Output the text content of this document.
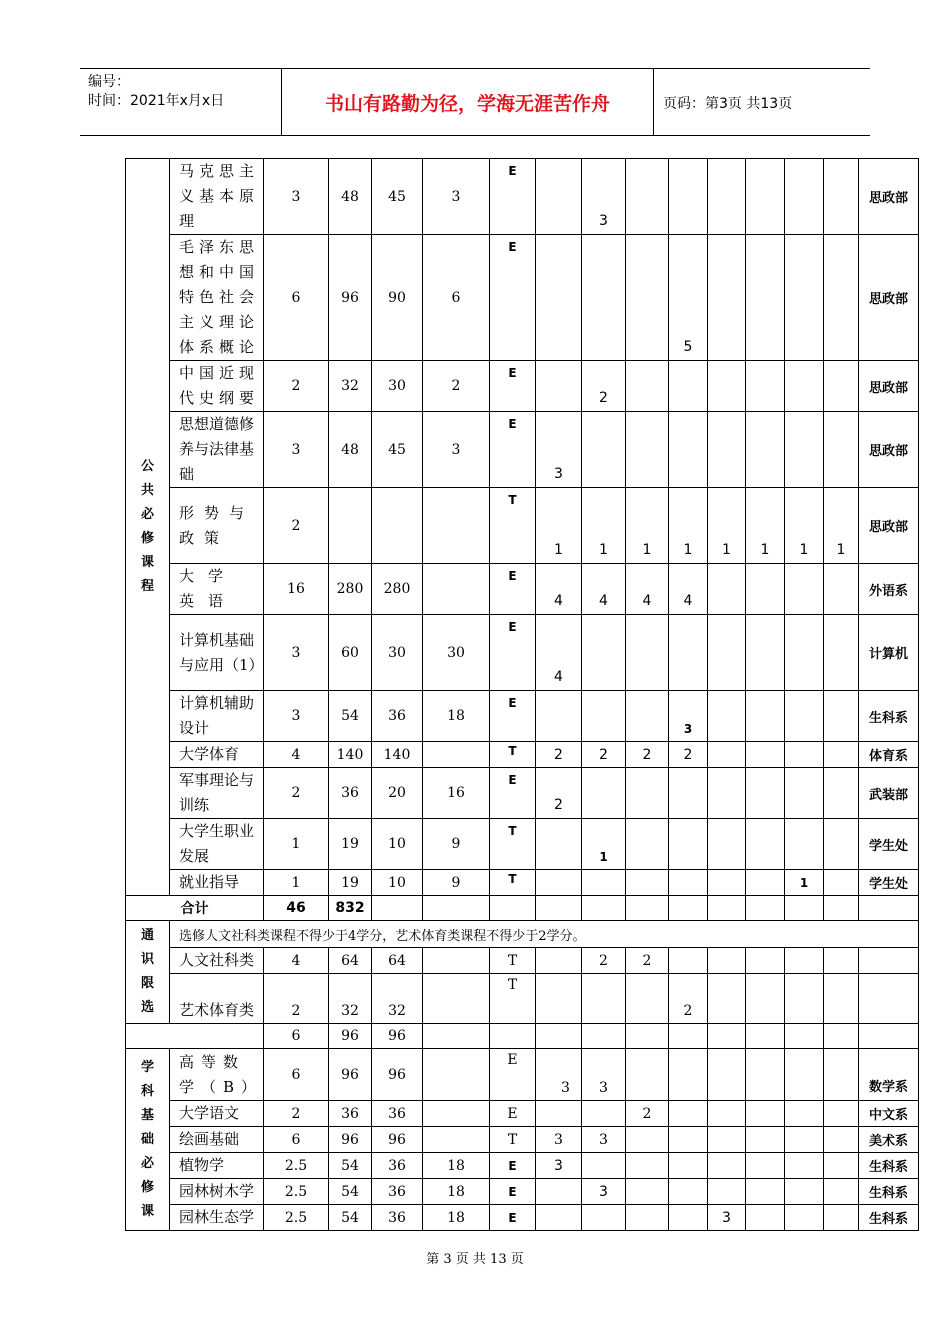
编号：
时间：2021年x月x日	书山有路勤为径，学海无涯苦作舟	页码：第3页 共13页
公共必修课程	马克思主义基本原理	3	48	45	3	E		3							思政部
	毛泽东思想和中国特色社会主义理论体系概论	6	96	90	6	E				5					思政部
	中国近现代史纲要	2	32	30	2	E		2							思政部
	思想道德修养与法律基础	3	48	45	3	E	3								思政部
	形势与政策	2				T	1	1	1	1	1	1	1	1	思政部
	大学英语	16	280	280		E	4	4	4	4					外语系
	计算机基础与应用（1）	3	60	30	30	E	4								计算机
	计算机辅助设计	3	54	36	18	E				3					生科系
	大学体育	4	140	140		T	2	2	2	2					体育系
	军事理论与训练	2	36	20	16	E	2								武装部
	大学生职业发展	1	19	10	9	T		1							学生处
	就业指导	1	19	10	9	T							1		学生处
合计		46	832												
通识限选	选修人文社科类课程不得少于4学分，艺术体育类课程不得少于2学分。														
	人文社科类	4	64	64		T		2	2						
	艺术体育类	2	32	32		T				2					
		6	96	96											
学科基础必修课	高等数学（B）	6	96	96		E	3	3							数学系
	大学语文	2	36	36		E			2						中文系
	绘画基础	6	96	96		T	3	3							美术系
	植物学	2.5	54	36	18	E	3								生科系
	园林树木学	2.5	54	36	18	E		3							生科系
	园林生态学	2.5	54	36	18	E					3				生科系
第 3 页 共 13 页
